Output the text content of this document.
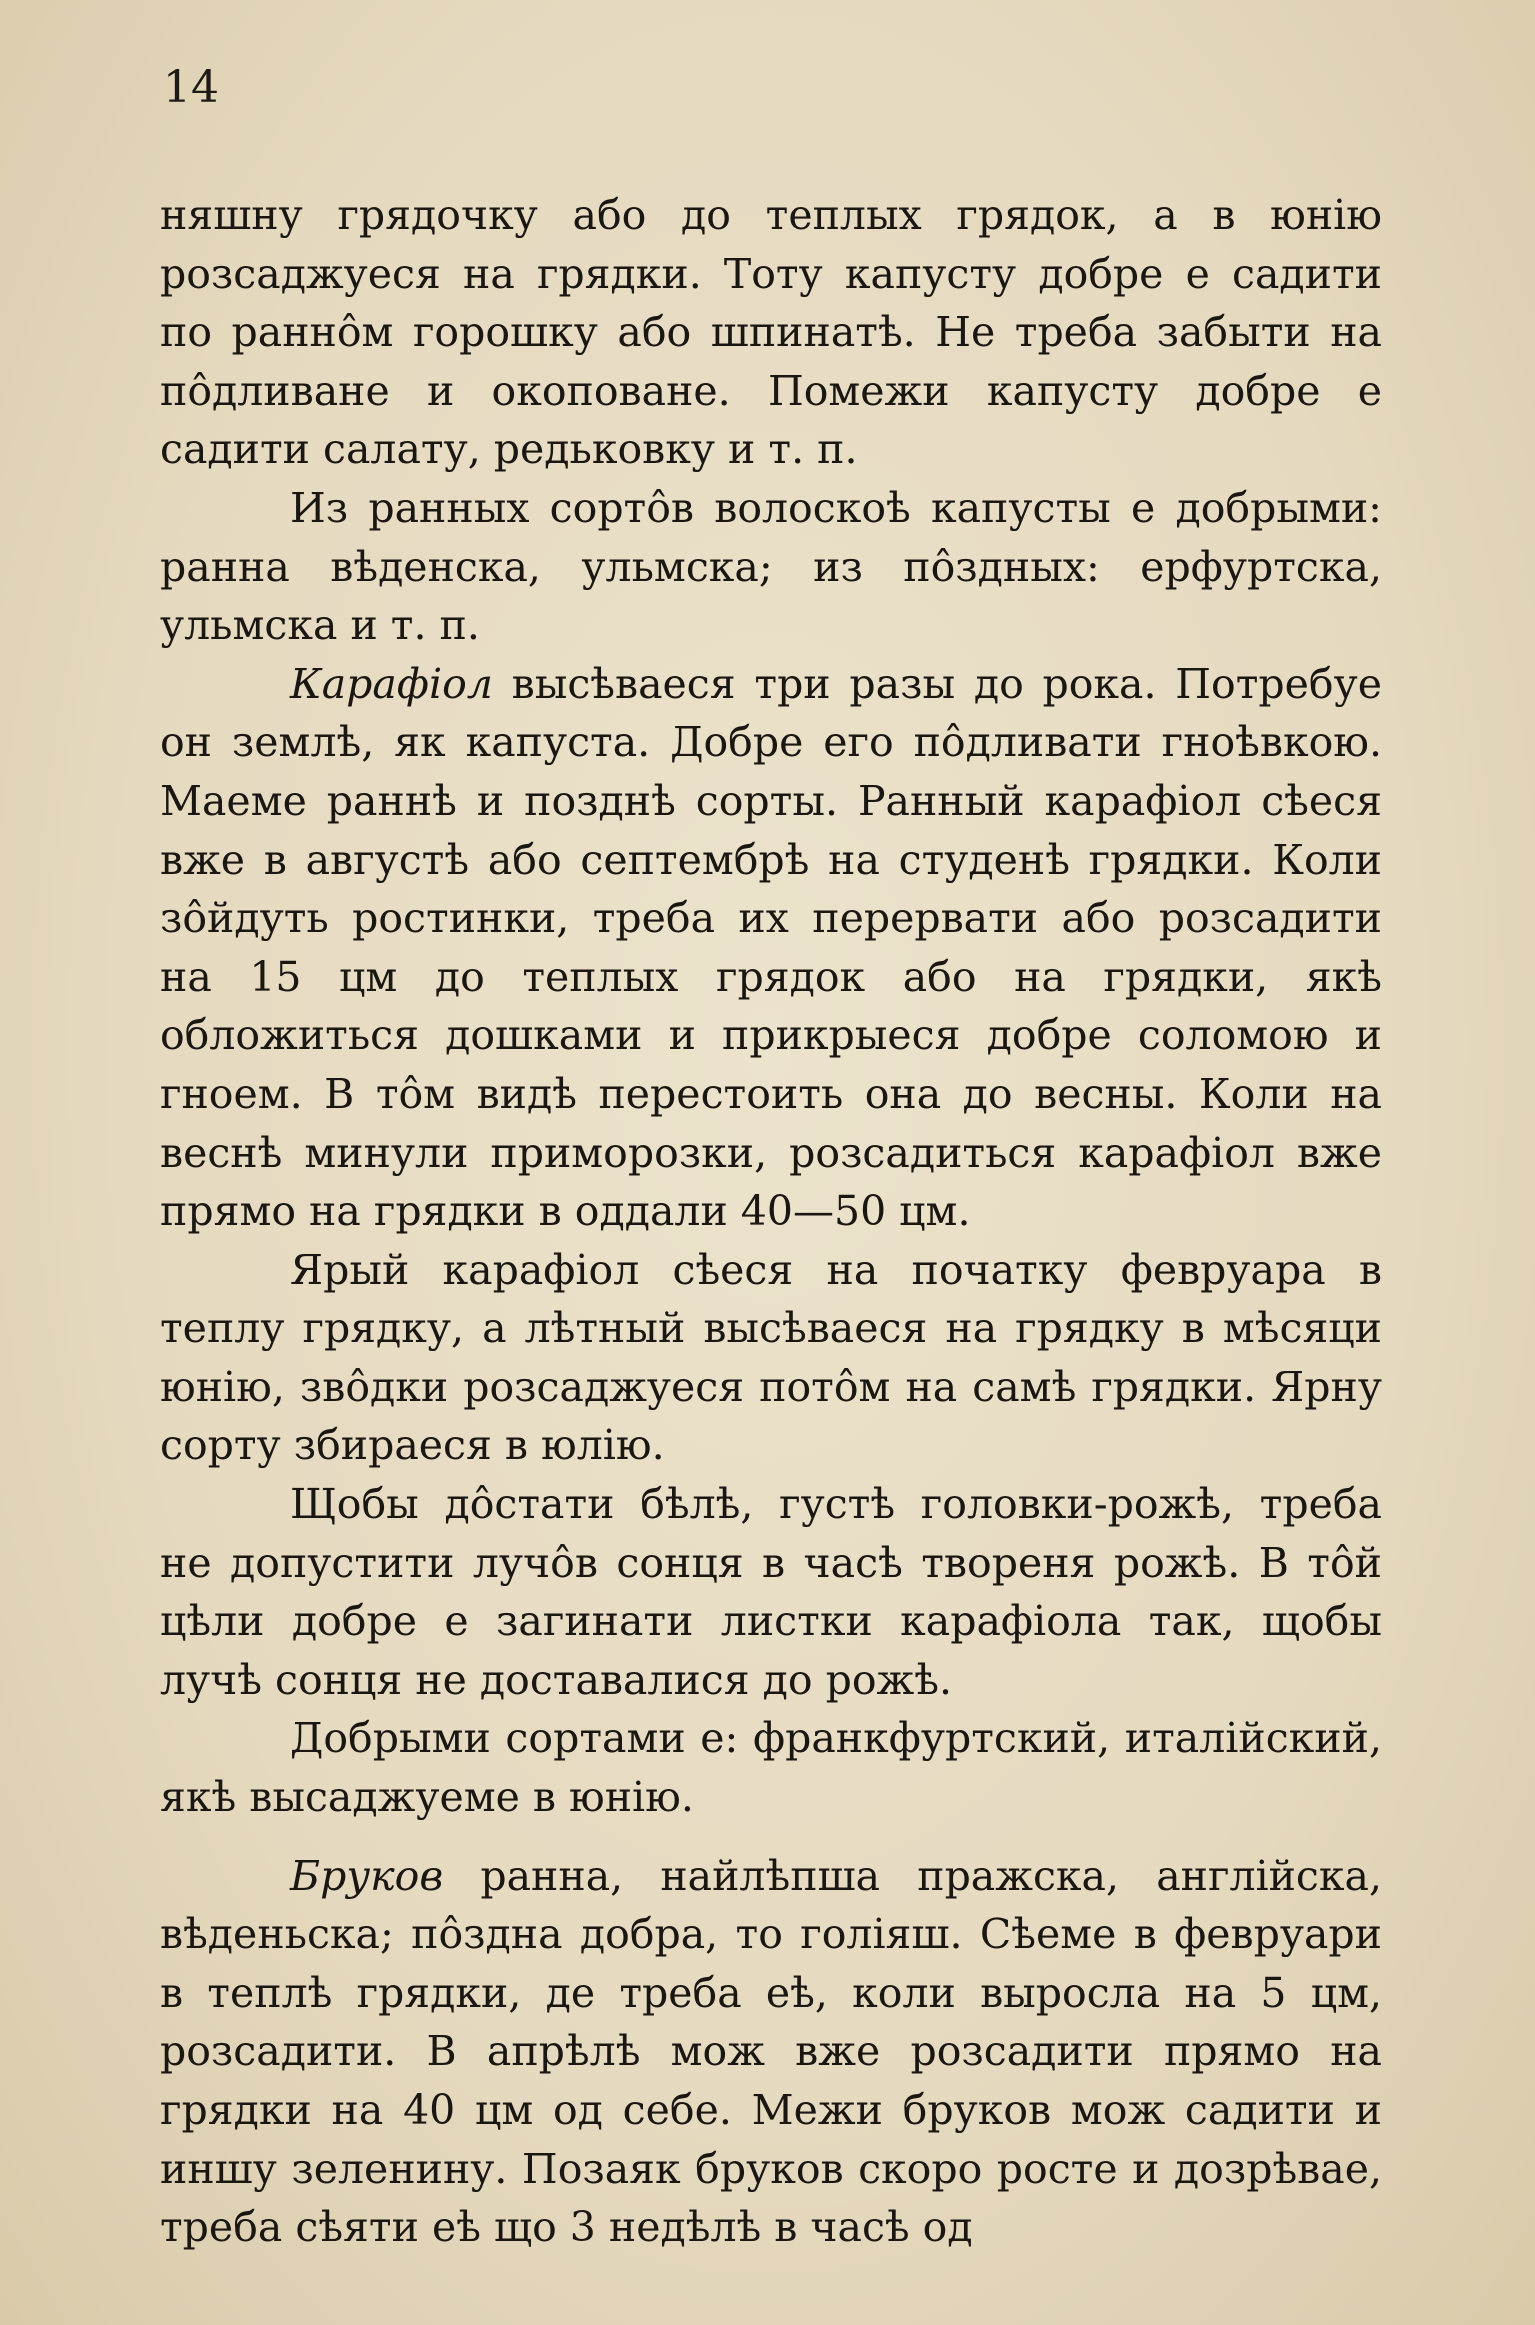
14

няшну грядочку або до теплых грядок, а в юнію розсаджуеся на грядки. Тоту капусту добре е садити по раннôм горошку або шпинатѣ. Не треба забыти на пôдливане и окоповане. Помежи капусту добре е садити салату, редьковку и т. п.

Из ранных сортôв волоскоѣ капусты е добрыми: ранна вѣденска, ульмска; из пôздных: ерфуртска, ульмска и т. п.

Карафіол высѣваеся три разы до рока. Потребуе он землѣ, як капуста. Добре его пôдливати гноѣвкою. Маеме раннѣ и позднѣ сорты. Ранный карафіол сѣеся вже в августѣ або септембрѣ на студенѣ грядки. Коли зôйдуть ростинки, треба их перервати або розсадити на 15 цм до теплых грядок або на грядки, якѣ обложиться дошками и прикрыеся добре соломою и гноем. В тôм видѣ перестоить она до весны. Коли на веснѣ минули приморозки, розсадиться карафіол вже прямо на грядки в оддали 40—50 цм.

Ярый карафіол сѣеся на початку февруара в теплу грядку, а лѣтный высѣваеся на грядку в мѣсяци юнію, звôдки розсаджуеся потôм на самѣ грядки. Ярну сорту збираеся в юлію.

Щобы дôстати бѣлѣ, густѣ головки-рожѣ, треба не допустити лучôв сонця в часѣ твореня рожѣ. В тôй цѣли добре е загинати листки карафіола так, щобы лучѣ сонця не доставалися до рожѣ.

Добрыми сортами е: франкфуртский, италійский, якѣ высаджуеме в юнію.

Бруков ранна, найлѣпша пражска, англійска, вѣденьска; пôздна добра, то голіяш. Сѣеме в февруари в теплѣ грядки, де треба еѣ, коли выросла на 5 цм, розсадити. В апрѣлѣ мож вже розсадити прямо на грядки на 40 цм од себе. Межи бруков мож садити и иншу зеленину. Позаяк бруков скоро росте и дозрѣвае, треба сѣяти еѣ що 3 недѣлѣ в часѣ од
